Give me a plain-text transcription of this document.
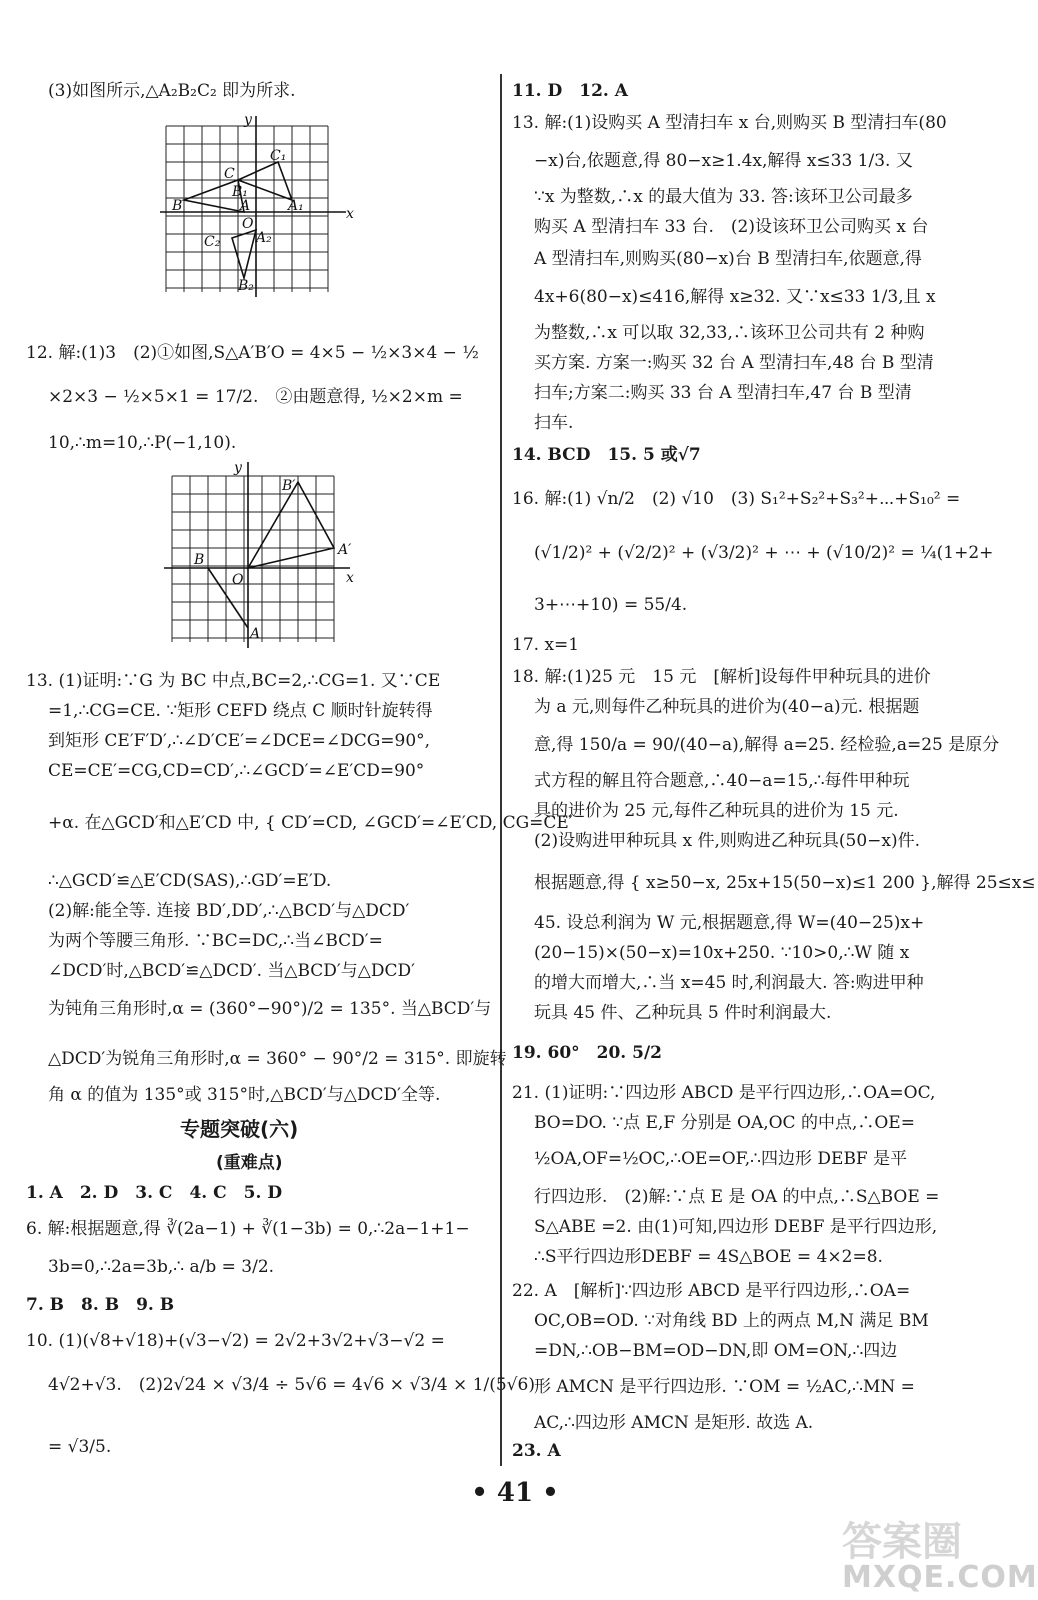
(3)如图所示,△A₂B₂C₂ 即为所求.
y
x
O
A
B
C
A₁
B₁
C₁
A₂
B₂
C₂
12. 解:(1)3　(2)①如图,S△A′B′O = 4×5 − ½×3×4 − ½
×2×3 − ½×5×1 = 17/2.　②由题意得, ½×2×m =
10,∴m=10,∴P(−1,10).
y
x
O
A
B
A′
B′
13. (1)证明:∵G 为 BC 中点,BC=2,∴CG=1. 又∵CE
=1,∴CG=CE. ∵矩形 CEFD 绕点 C 顺时针旋转得
到矩形 CE′F′D′,∴∠D′CE′=∠DCE=∠DCG=90°,
CE=CE′=CG,CD=CD′,∴∠GCD′=∠E′CD=90°
+α. 在△GCD′和△E′CD 中, { CD′=CD, ∠GCD′=∠E′CD, CG=CE′
∴△GCD′≌△E′CD(SAS),∴GD′=E′D.
(2)解:能全等. 连接 BD′,DD′,∴△BCD′与△DCD′
为两个等腰三角形. ∵BC=DC,∴当∠BCD′=
∠DCD′时,△BCD′≌△DCD′. 当△BCD′与△DCD′
为钝角三角形时,α = (360°−90°)/2 = 135°. 当△BCD′与
△DCD′为锐角三角形时,α = 360° − 90°/2 = 315°. 即旋转
角 α 的值为 135°或 315°时,△BCD′与△DCD′全等.
专题突破(六)
(重难点)
1. A　2. D　3. C　4. C　5. D
6. 解:根据题意,得 ∛(2a−1) + ∛(1−3b) = 0,∴2a−1+1−
3b=0,∴2a=3b,∴ a/b = 3/2.
7. B　8. B　9. B
10. (1)(√8+√18)+(√3−√2) = 2√2+3√2+√3−√2 =
4√2+√3.　(2)2√24 × √3/4 ÷ 5√6 = 4√6 × √3/4 × 1/(5√6)
= √3/5.
11. D　12. A
13. 解:(1)设购买 A 型清扫车 x 台,则购买 B 型清扫车(80
−x)台,依题意,得 80−x≥1.4x,解得 x≤33 1/3. 又
∵x 为整数,∴x 的最大值为 33. 答:该环卫公司最多
购买 A 型清扫车 33 台.　(2)设该环卫公司购买 x 台
A 型清扫车,则购买(80−x)台 B 型清扫车,依题意,得
4x+6(80−x)≤416,解得 x≥32. 又∵x≤33 1/3,且 x
为整数,∴x 可以取 32,33,∴该环卫公司共有 2 种购
买方案. 方案一:购买 32 台 A 型清扫车,48 台 B 型清
扫车;方案二:购买 33 台 A 型清扫车,47 台 B 型清
扫车.
14. BCD　15. 5 或√7
16. 解:(1) √n/2　(2) √10　(3) S₁²+S₂²+S₃²+⋯+S₁₀² =
(√1/2)² + (√2/2)² + (√3/2)² + ⋯ + (√10/2)² = ¼(1+2+
3+⋯+10) = 55/4.
17. x=1
18. 解:(1)25 元　15 元　[解析]设每件甲种玩具的进价
为 a 元,则每件乙种玩具的进价为(40−a)元. 根据题
意,得 150/a = 90/(40−a),解得 a=25. 经检验,a=25 是原分
式方程的解且符合题意,∴40−a=15,∴每件甲种玩
具的进价为 25 元,每件乙种玩具的进价为 15 元.
(2)设购进甲种玩具 x 件,则购进乙种玩具(50−x)件.
根据题意,得 { x≥50−x, 25x+15(50−x)≤1 200 },解得 25≤x≤
45. 设总利润为 W 元,根据题意,得 W=(40−25)x+
(20−15)×(50−x)=10x+250. ∵10>0,∴W 随 x
的增大而增大,∴当 x=45 时,利润最大. 答:购进甲种
玩具 45 件、乙种玩具 5 件时利润最大.
19. 60°　20. 5/2
21. (1)证明:∵四边形 ABCD 是平行四边形,∴OA=OC,
BO=DO. ∵点 E,F 分别是 OA,OC 的中点,∴OE=
½OA,OF=½OC,∴OE=OF,∴四边形 DEBF 是平
行四边形.　(2)解:∵点 E 是 OA 的中点,∴S△BOE =
S△ABE =2. 由(1)可知,四边形 DEBF 是平行四边形,
∴S平行四边形DEBF = 4S△BOE = 4×2=8.
22. A　[解析]∵四边形 ABCD 是平行四边形,∴OA=
OC,OB=OD. ∵对角线 BD 上的两点 M,N 满足 BM
=DN,∴OB−BM=OD−DN,即 OM=ON,∴四边
形 AMCN 是平行四边形. ∵OM = ½AC,∴MN =
AC,∴四边形 AMCN 是矩形. 故选 A.
23. A
• 41 •
答案圈
MXQE.COM
